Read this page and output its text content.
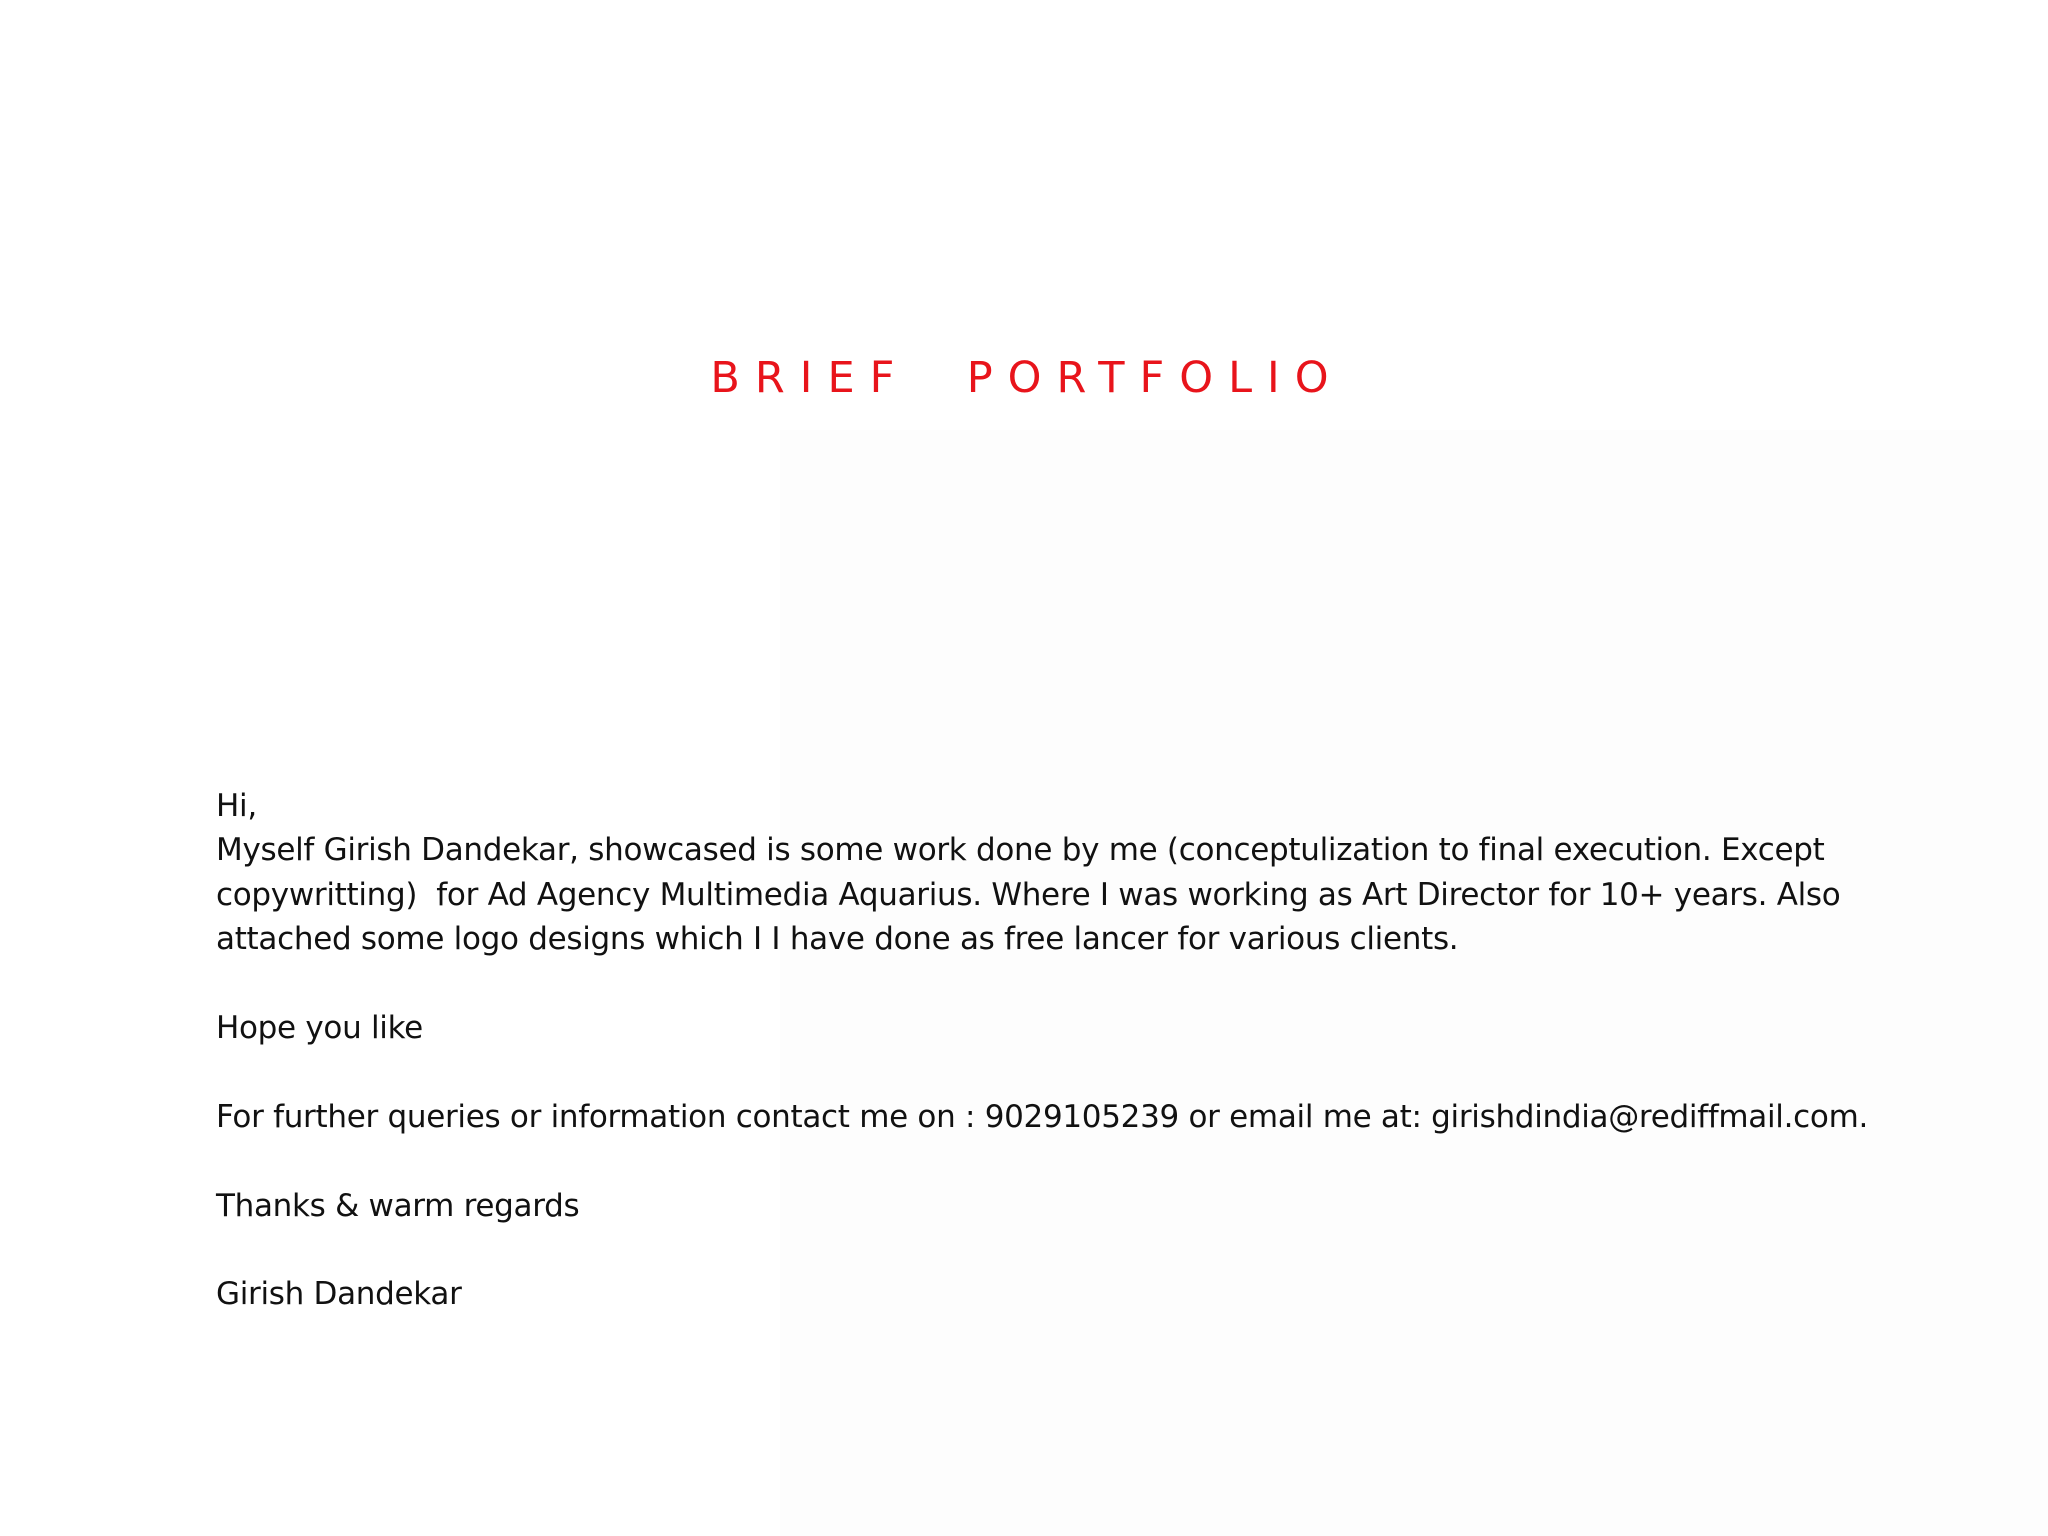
BRIEF  PORTFOLIO
Hi,
Myself Girish Dandekar, showcased is some work done by me (conceptulization to final execution. Except
copywritting)  for Ad Agency Multimedia Aquarius. Where I was working as Art Director for 10+ years. Also
attached some logo designs which I I have done as free lancer for various clients.
Hope you like
For further queries or information contact me on : 9029105239 or email me at: girishdindia@rediffmail.com.
Thanks & warm regards
Girish Dandekar
